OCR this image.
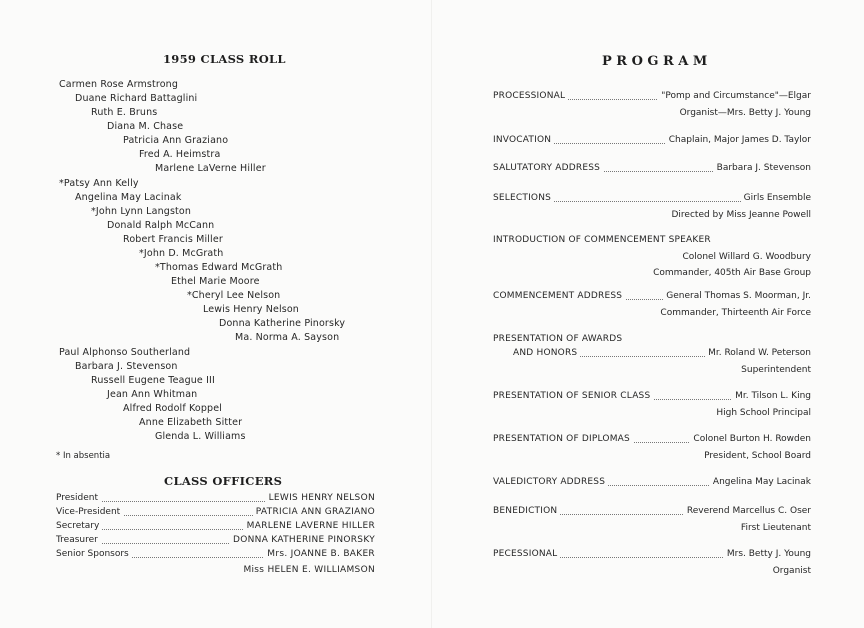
1959 CLASS ROLL
Carmen Rose Armstrong
Duane Richard Battaglini
Ruth E. Bruns
Diana M. Chase
Patricia Ann Graziano
Fred A. Heimstra
Marlene LaVerne Hiller
*Patsy Ann Kelly
Angelina May Lacinak
*John Lynn Langston
Donald Ralph McCann
Robert Francis Miller
*John D. McGrath
*Thomas Edward McGrath
Ethel Marie Moore
*Cheryl Lee Nelson
Lewis Henry Nelson
Donna Katherine Pinorsky
Ma. Norma A. Sayson
Paul Alphonso Southerland
Barbara J. Stevenson
Russell Eugene Teague III
Jean Ann Whitman
Alfred Rodolf Koppel
Anne Elizabeth Sitter
Glenda L. Williams
* In absentia
CLASS OFFICERS
President	LEWIS HENRY NELSON
Vice-President	PATRICIA ANN GRAZIANO
Secretary	MARLENE LAVERNE HILLER
Treasurer	DONNA KATHERINE PINORSKY
Senior Sponsors	Mrs. JOANNE B. BAKER
Miss HELEN E. WILLIAMSON
PROGRAM
PROCESSIONAL	"Pomp and Circumstance"—Elgar
Organist—Mrs. Betty J. Young
INVOCATION	Chaplain, Major James D. Taylor
SALUTATORY ADDRESS	Barbara J. Stevenson
SELECTIONS	Girls Ensemble
Directed by Miss Jeanne Powell
INTRODUCTION OF COMMENCEMENT SPEAKER
Colonel Willard G. Woodbury
Commander, 405th Air Base Group
COMMENCEMENT ADDRESS	General Thomas S. Moorman, Jr.
Commander, Thirteenth Air Force
PRESENTATION OF AWARDS
AND HONORS	Mr. Roland W. Peterson
Superintendent
PRESENTATION OF SENIOR CLASS	Mr. Tilson L. King
High School Principal
PRESENTATION OF DIPLOMAS	Colonel Burton H. Rowden
President, School Board
VALEDICTORY ADDRESS	Angelina May Lacinak
BENEDICTION	Reverend Marcellus C. Oser
First Lieutenant
PECESSIONAL	Mrs. Betty J. Young
Organist
